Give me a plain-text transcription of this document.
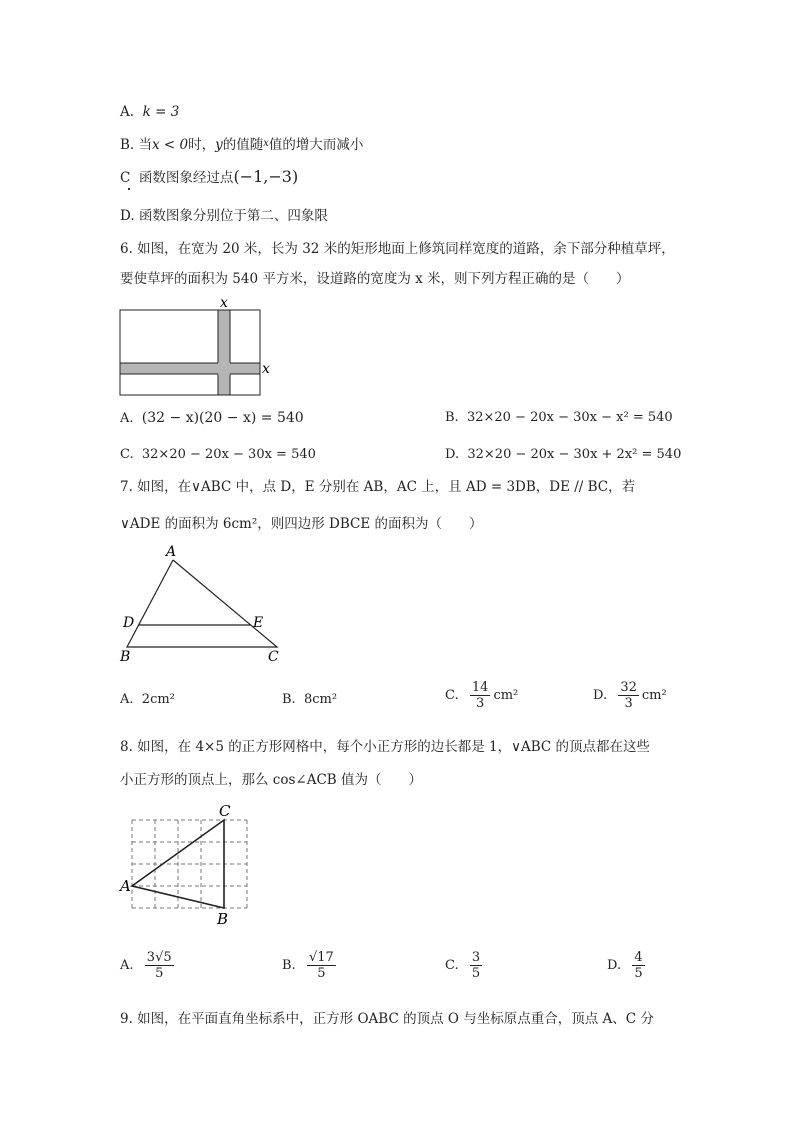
A. k = 3
B. 当x < 0时，y的值随$^x$值的增大而减小
C 函数图象经过点(−1,−3)
D. 函数图象分别位于第二、四象限
6. 如图，在宽为 20 米，长为 32 米的矩形地面上修筑同样宽度的道路，余下部分种植草坪，
要使草坪的面积为 540 平方米，设道路的宽度为 x 米，则下列方程正确的是（　　）
x
x
A. (32 − x)(20 − x) = 540	B. 32×20 − 20x − 30x − x² = 540
C. 32×20 − 20x − 30x = 540	D. 32×20 − 20x − 30x + 2x² = 540
7. 如图，在∨ABC 中，点 D，E 分别在 AB，AC 上，且 AD = 3DB，DE // BC，若
∨ADE 的面积为 6cm²，则四边形 DBCE 的面积为（　　）
A
D	E
B	C
A. 2cm²	B. 8cm²	C. $\frac{14}{3} cm^2$	D. $\frac{32}{3} cm^2$
8. 如图，在 4×5 的正方形网格中，每个小正方形的边长都是 1，∨ABC 的顶点都在这些
小正方形的顶点上，那么 cos∠ACB 值为（　　）
C
A
B
A. $\frac{3√5}{5}$	B. $\frac{√17}{5}$	C. $\frac{3}{5}$	D. $\frac{4}{5}$
9. 如图，在平面直角坐标系中，正方形 OABC 的顶点 O 与坐标原点重合，顶点 A、C 分
